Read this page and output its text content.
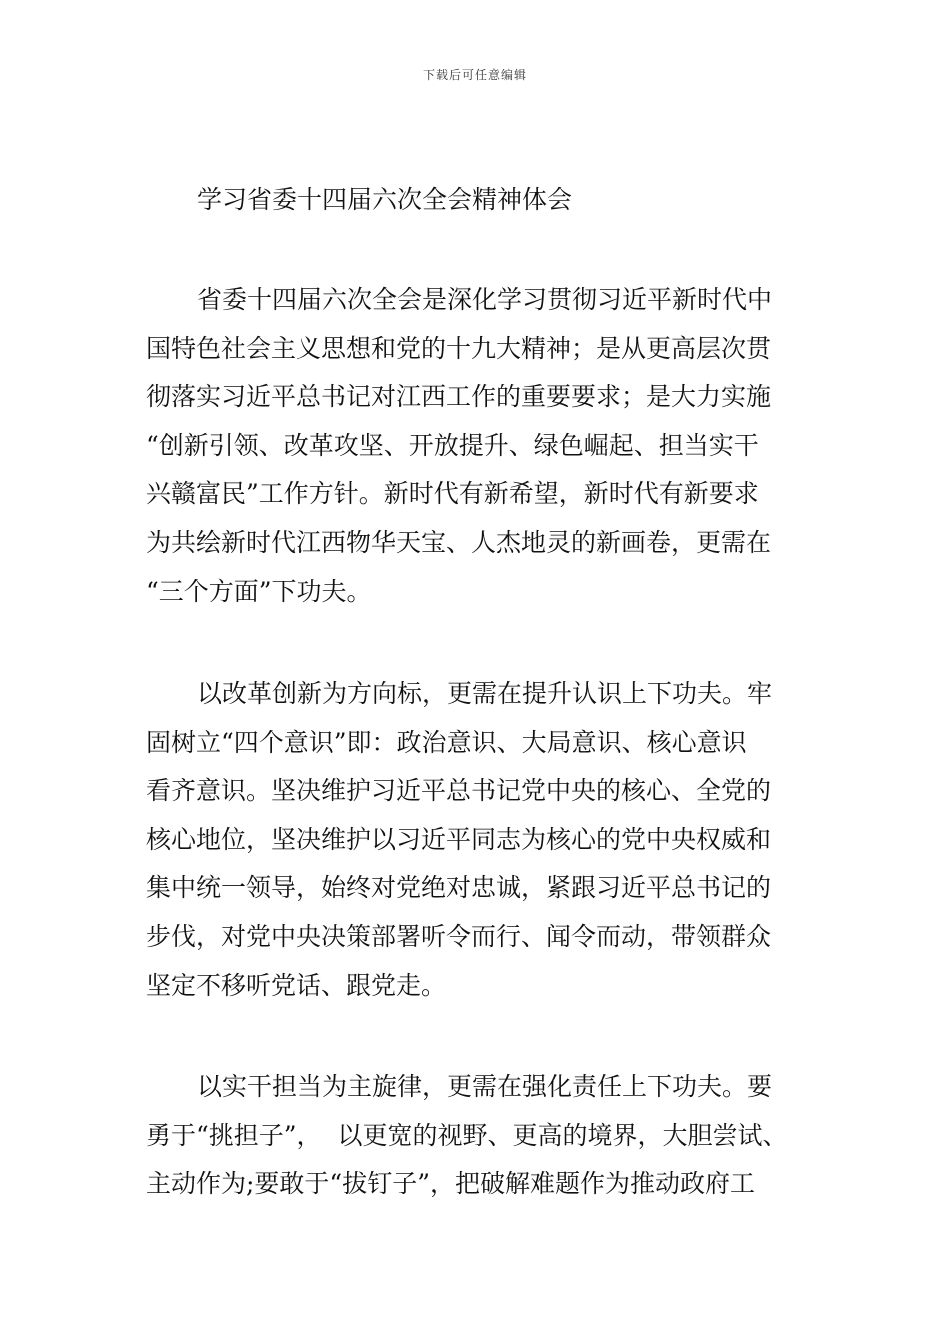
下载后可任意编辑
学习省委十四届六次全会精神体会
省委十四届六次全会是深化学习贯彻习近平新时代中
国特色社会主义思想和党的十九大精神；是从更高层次贯
彻落实习近平总书记对江西工作的重要要求；是大力实施
“创新引领、改革攻坚、开放提升、绿色崛起、担当实干
兴赣富民”工作方针。新时代有新希望，新时代有新要求
为共绘新时代江西物华天宝、人杰地灵的新画卷，更需在
“三个方面”下功夫。
以改革创新为方向标，更需在提升认识上下功夫。牢
固树立“四个意识”即：政治意识、大局意识、核心意识
看齐意识。坚决维护习近平总书记党中央的核心、全党的
核心地位，坚决维护以习近平同志为核心的党中央权威和
集中统一领导，始终对党绝对忠诚，紧跟习近平总书记的
步伐，对党中央决策部署听令而行、闻令而动，带领群众
坚定不移听党话、跟党走。
以实干担当为主旋律，更需在强化责任上下功夫。要
勇于“挑担子”，  以更宽的视野、更高的境界，大胆尝试、
主动作为;要敢于“拔钉子”，把破解难题作为推动政府工
